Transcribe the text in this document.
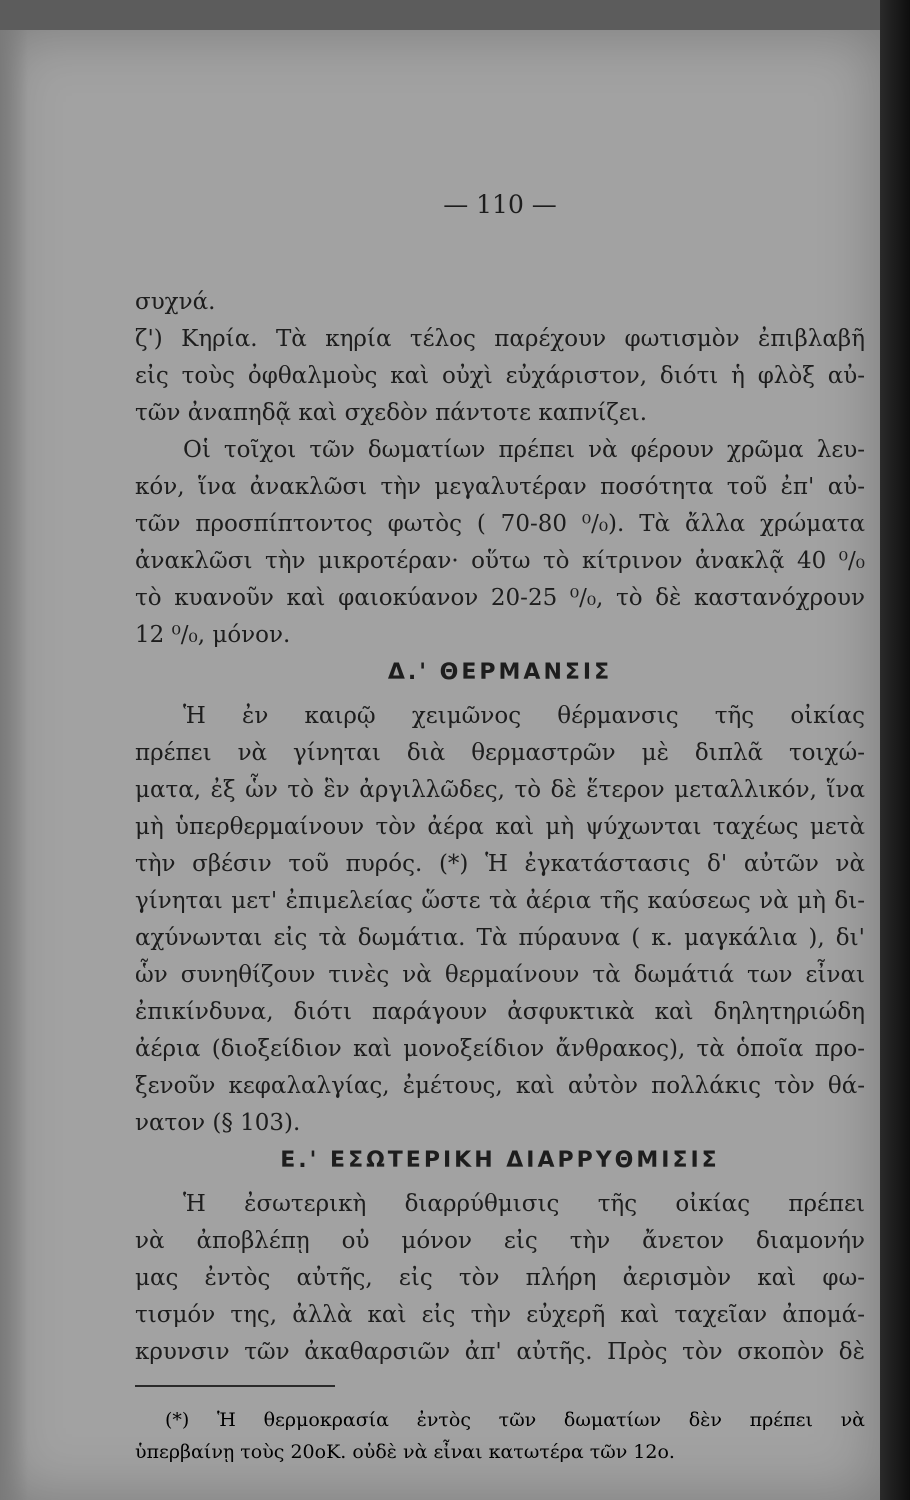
— 110 —
συχνά.
ζ') Κηρία. Τὰ κηρία τέλος παρέχουν φωτισμὸν ἐπιβλαβῆ
εἰς τοὺς ὀφθαλμοὺς καὶ οὐχὶ εὐχάριστον, διότι ἡ φλὸξ αὐ-
τῶν ἀναπηδᾷ καὶ σχεδὸν πάντοτε καπνίζει.
Οἱ τοῖχοι τῶν δωματίων πρέπει νὰ φέρουν χρῶμα λευ-
κόν, ἵνα ἀνακλῶσι τὴν μεγαλυτέραν ποσότητα τοῦ ἐπ' αὐ-
τῶν προσπίπτοντος φωτὸς ( 70-80 ⁰/₀). Τὰ ἄλλα χρώματα
ἀνακλῶσι τὴν μικροτέραν· οὕτω τὸ κίτρινον ἀνακλᾷ 40 ⁰/₀
τὸ κυανοῦν καὶ φαιοκύανον 20-25 ⁰/₀, τὸ δὲ καστανόχρουν
12 ⁰/₀, μόνον.
Δ.' ΘΕΡΜΑΝΣΙΣ
Ἡ ἐν καιρῷ χειμῶνος θέρμανσις τῆς οἰκίας
πρέπει νὰ γίνηται διὰ θερμαστρῶν μὲ διπλᾶ τοιχώ-
ματα, ἐξ ὧν τὸ ἓν ἀργιλλῶδες, τὸ δὲ ἕτερον μεταλλικόν, ἵνα
μὴ ὑπερθερμαίνουν τὸν ἀέρα καὶ μὴ ψύχωνται ταχέως μετὰ
τὴν σβέσιν τοῦ πυρός. (*) Ἡ ἐγκατάστασις δ' αὐτῶν νὰ
γίνηται μετ' ἐπιμελείας ὥστε τὰ ἀέρια τῆς καύσεως νὰ μὴ δι-
αχύνωνται εἰς τὰ δωμάτια. Τὰ πύραυνα ( κ. μαγκάλια ), δι'
ὧν συνηθίζουν τινὲς νὰ θερμαίνουν τὰ δωμάτιά των εἶναι
ἐπικίνδυνα, διότι παράγουν ἀσφυκτικὰ καὶ δηλητηριώδη
ἀέρια (διοξείδιον καὶ μονοξείδιον ἄνθρακος), τὰ ὁποῖα προ-
ξενοῦν κεφαλαλγίας, ἐμέτους, καὶ αὐτὸν πολλάκις τὸν θά-
νατον (§ 103).
Ε.' ΕΣΩΤΕΡΙΚΗ ΔΙΑΡΡΥΘΜΙΣΙΣ
Ἡ ἐσωτερικὴ διαρρύθμισις τῆς οἰκίας πρέπει
νὰ ἀποβλέπῃ οὐ μόνον εἰς τὴν ἄνετον διαμονήν
μας ἐντὸς αὐτῆς, εἰς τὸν πλήρη ἀερισμὸν καὶ φω-
τισμόν της, ἀλλὰ καὶ εἰς τὴν εὐχερῆ καὶ ταχεῖαν ἀπομά-
κρυνσιν τῶν ἀκαθαρσιῶν ἀπ' αὐτῆς. Πρὸς τὸν σκοπὸν δὲ
(*) Ἡ θερμοκρασία ἐντὸς τῶν δωματίων δὲν πρέπει νὰ
ὑπερβαίνῃ τοὺς 20οΚ. οὐδὲ νὰ εἶναι κατωτέρα τῶν 12ο.
